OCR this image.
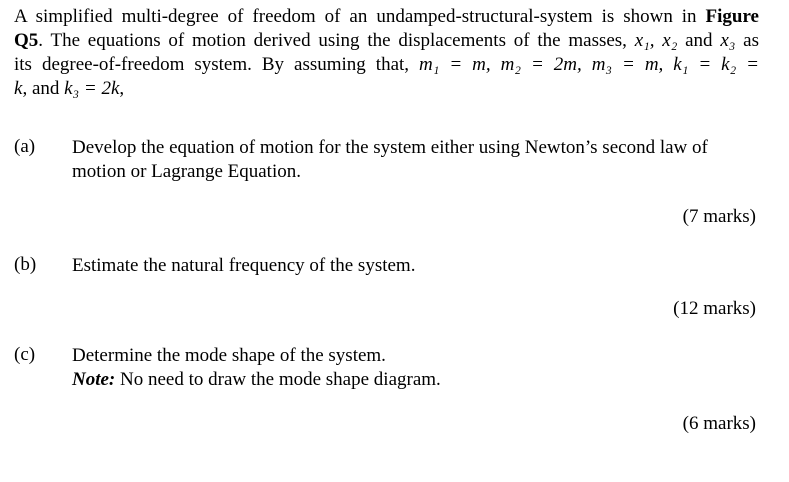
A simplified multi-degree of freedom of an undamped-structural-system is shown in Figure
Q5. The equations of motion derived using the displacements of the masses, x₁, x₂ and x₃ as
its degree-of-freedom system. By assuming that, m₁ = m, m₂ = 2m, m₃ = m, k₁ = k₂ =
k, and k₃ = 2k,
(a) Develop the equation of motion for the system either using Newton’s second law of
motion or Lagrange Equation.
(7 marks)
(b) Estimate the natural frequency of the system.
(12 marks)
(c) Determine the mode shape of the system.
Note: No need to draw the mode shape diagram.
(6 marks)
